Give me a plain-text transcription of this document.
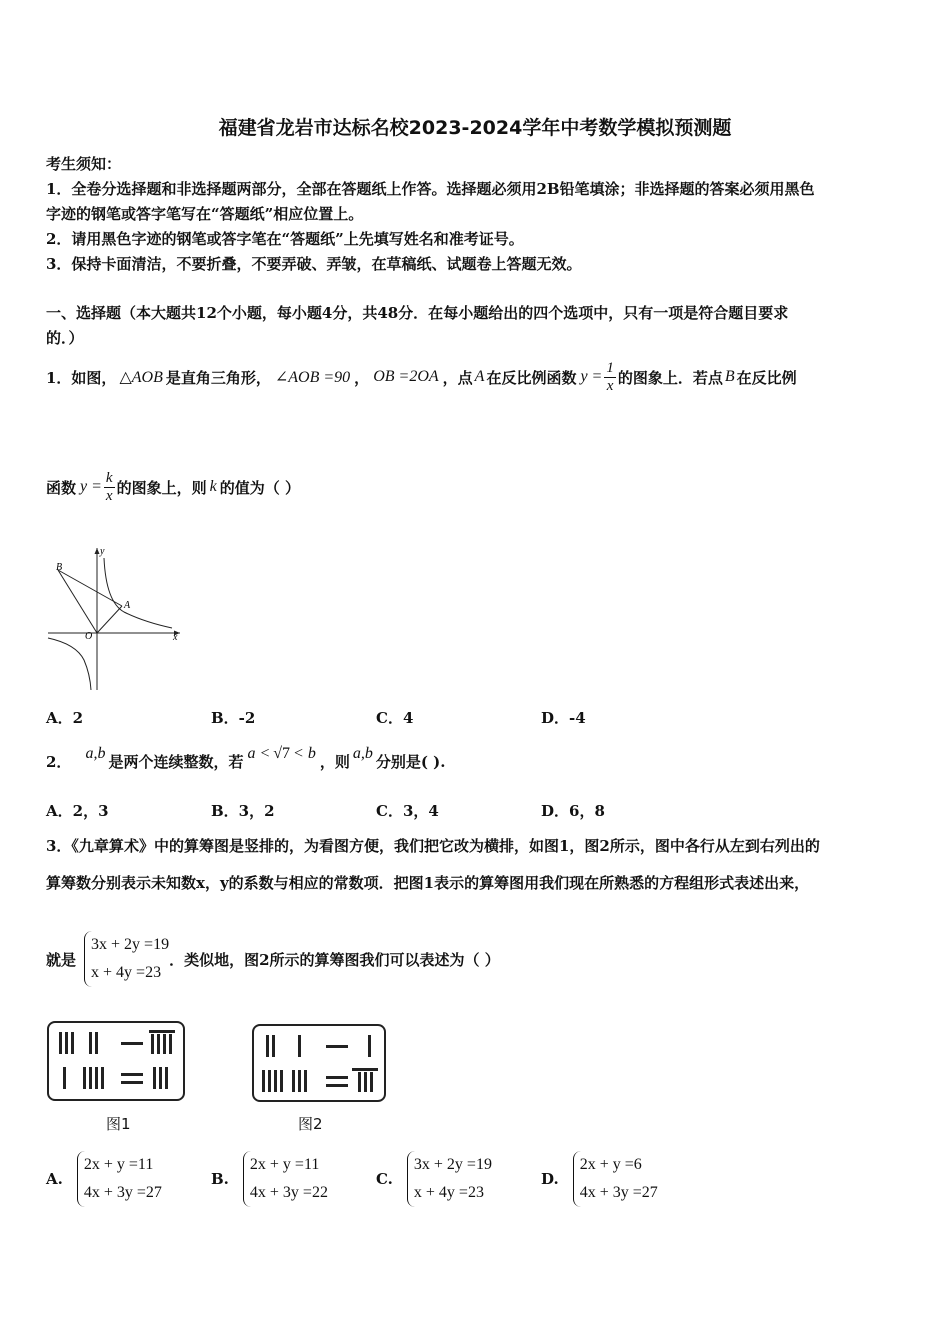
福建省龙岩市达标名校2023-2024学年中考数学模拟预测题
考生须知：
1．全卷分选择题和非选择题两部分，全部在答题纸上作答。选择题必须用2B铅笔填涂；非选择题的答案必须用黑色
字迹的钢笔或答字笔写在“答题纸”相应位置上。
2．请用黑色字迹的钢笔或答字笔在“答题纸”上先填写姓名和准考证号。
3．保持卡面清洁，不要折叠，不要弄破、弄皱，在草稿纸、试题卷上答题无效。
一、选择题（本大题共12个小题，每小题4分，共48分．在每小题给出的四个选项中，只有一项是符合题目要求
的．）
1．如图， △AOB 是直角三角形， ∠AOB =90 ， OB =2OA ，点 A 在反比例函数 $y = \frac{1}{x}$ 的图象上．若点 B 在反比例
函数 $y = \frac{k}{x}$ 的图象上，则 k 的值为（ ）
y
x
O
A
B
A．2	B．-2	C．4	D．-4
2． a,b 是两个连续整数，若 a < √7 < b ，则 a,b 分别是( ).
A．2，3	B．3，2	C．3，4	D．6，8
3．《九章算术》中的算筹图是竖排的，为看图方便，我们把它改为横排，如图1，图2所示，图中各行从左到右列出的
算筹数分别表示未知数x，y的系数与相应的常数项．把图1表示的算筹图用我们现在所熟悉的方程组形式表述出来，
就是
3x + 2y =19
x + 4y =23
．类似地，图2所示的算筹图我们可以表述为（ ）
图1	图2
A.
2x + y =11
4x + 3y =27
B.
2x + y =11
4x + 3y =22
C.
3x + 2y =19
x + 4y =23
D.
2x + y =6
4x + 3y =27
